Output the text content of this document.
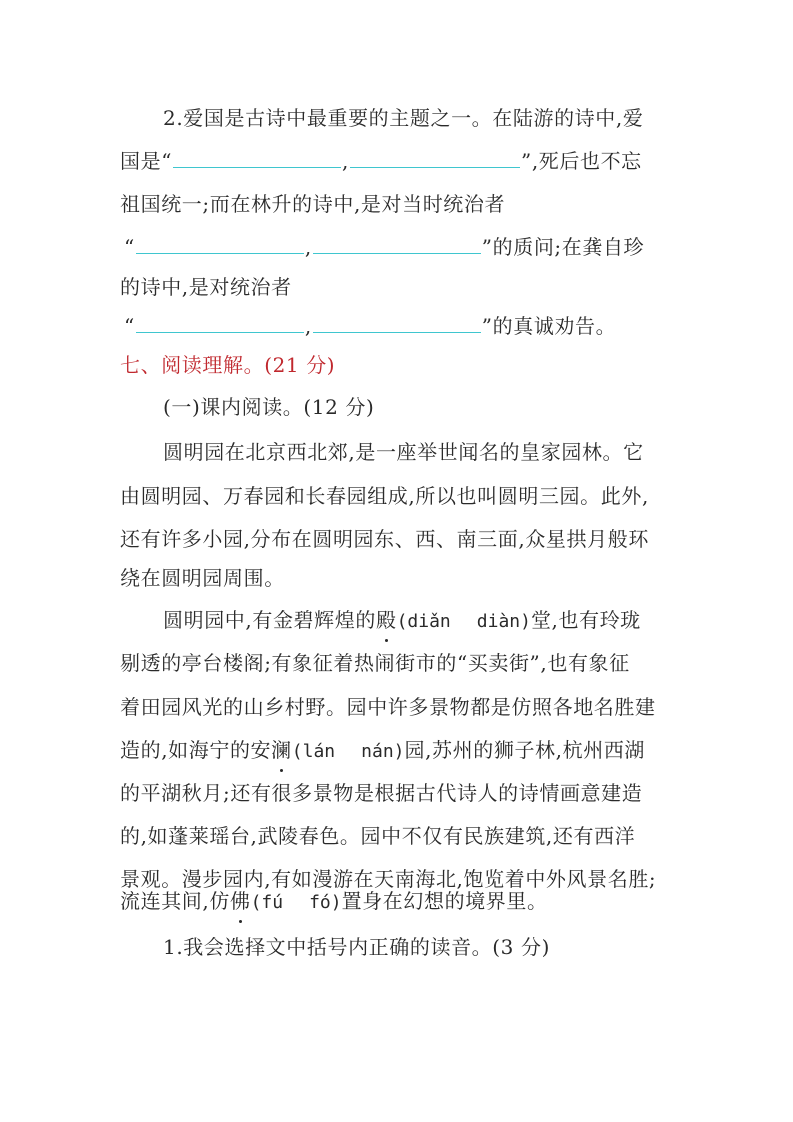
2.爱国是古诗中最重要的主题之一。在陆游的诗中,爱
国是“	,	”,死后也不忘
祖国统一;而在林升的诗中,是对当时统治者
“	,	”的质问;在龚自珍
的诗中,是对统治者
“	,	”的真诚劝告。
七、阅读理解。(21 分)
(一)课内阅读。(12 分)
圆明园在北京西北郊,是一座举世闻名的皇家园林。它
由圆明园、万春园和长春园组成,所以也叫圆明三园。此外,
还有许多小园,分布在圆明园东、西、南三面,众星拱月般环
绕在圆明园周围。
圆明园中,有金碧辉煌的殿(diǎn diàn)堂,也有玲珑
剔透的亭台楼阁;有象征着热闹街市的“买卖街”,也有象征
着田园风光的山乡村野。园中许多景物都是仿照各地名胜建
造的,如海宁的安澜(lán nán)园,苏州的狮子林,杭州西湖
的平湖秋月;还有很多景物是根据古代诗人的诗情画意建造
的,如蓬莱瑶台,武陵春色。园中不仅有民族建筑,还有西洋
景观。漫步园内,有如漫游在天南海北,饱览着中外风景名胜;
流连其间,仿佛(fú fó)置身在幻想的境界里。
1.我会选择文中括号内正确的读音。(3 分)
